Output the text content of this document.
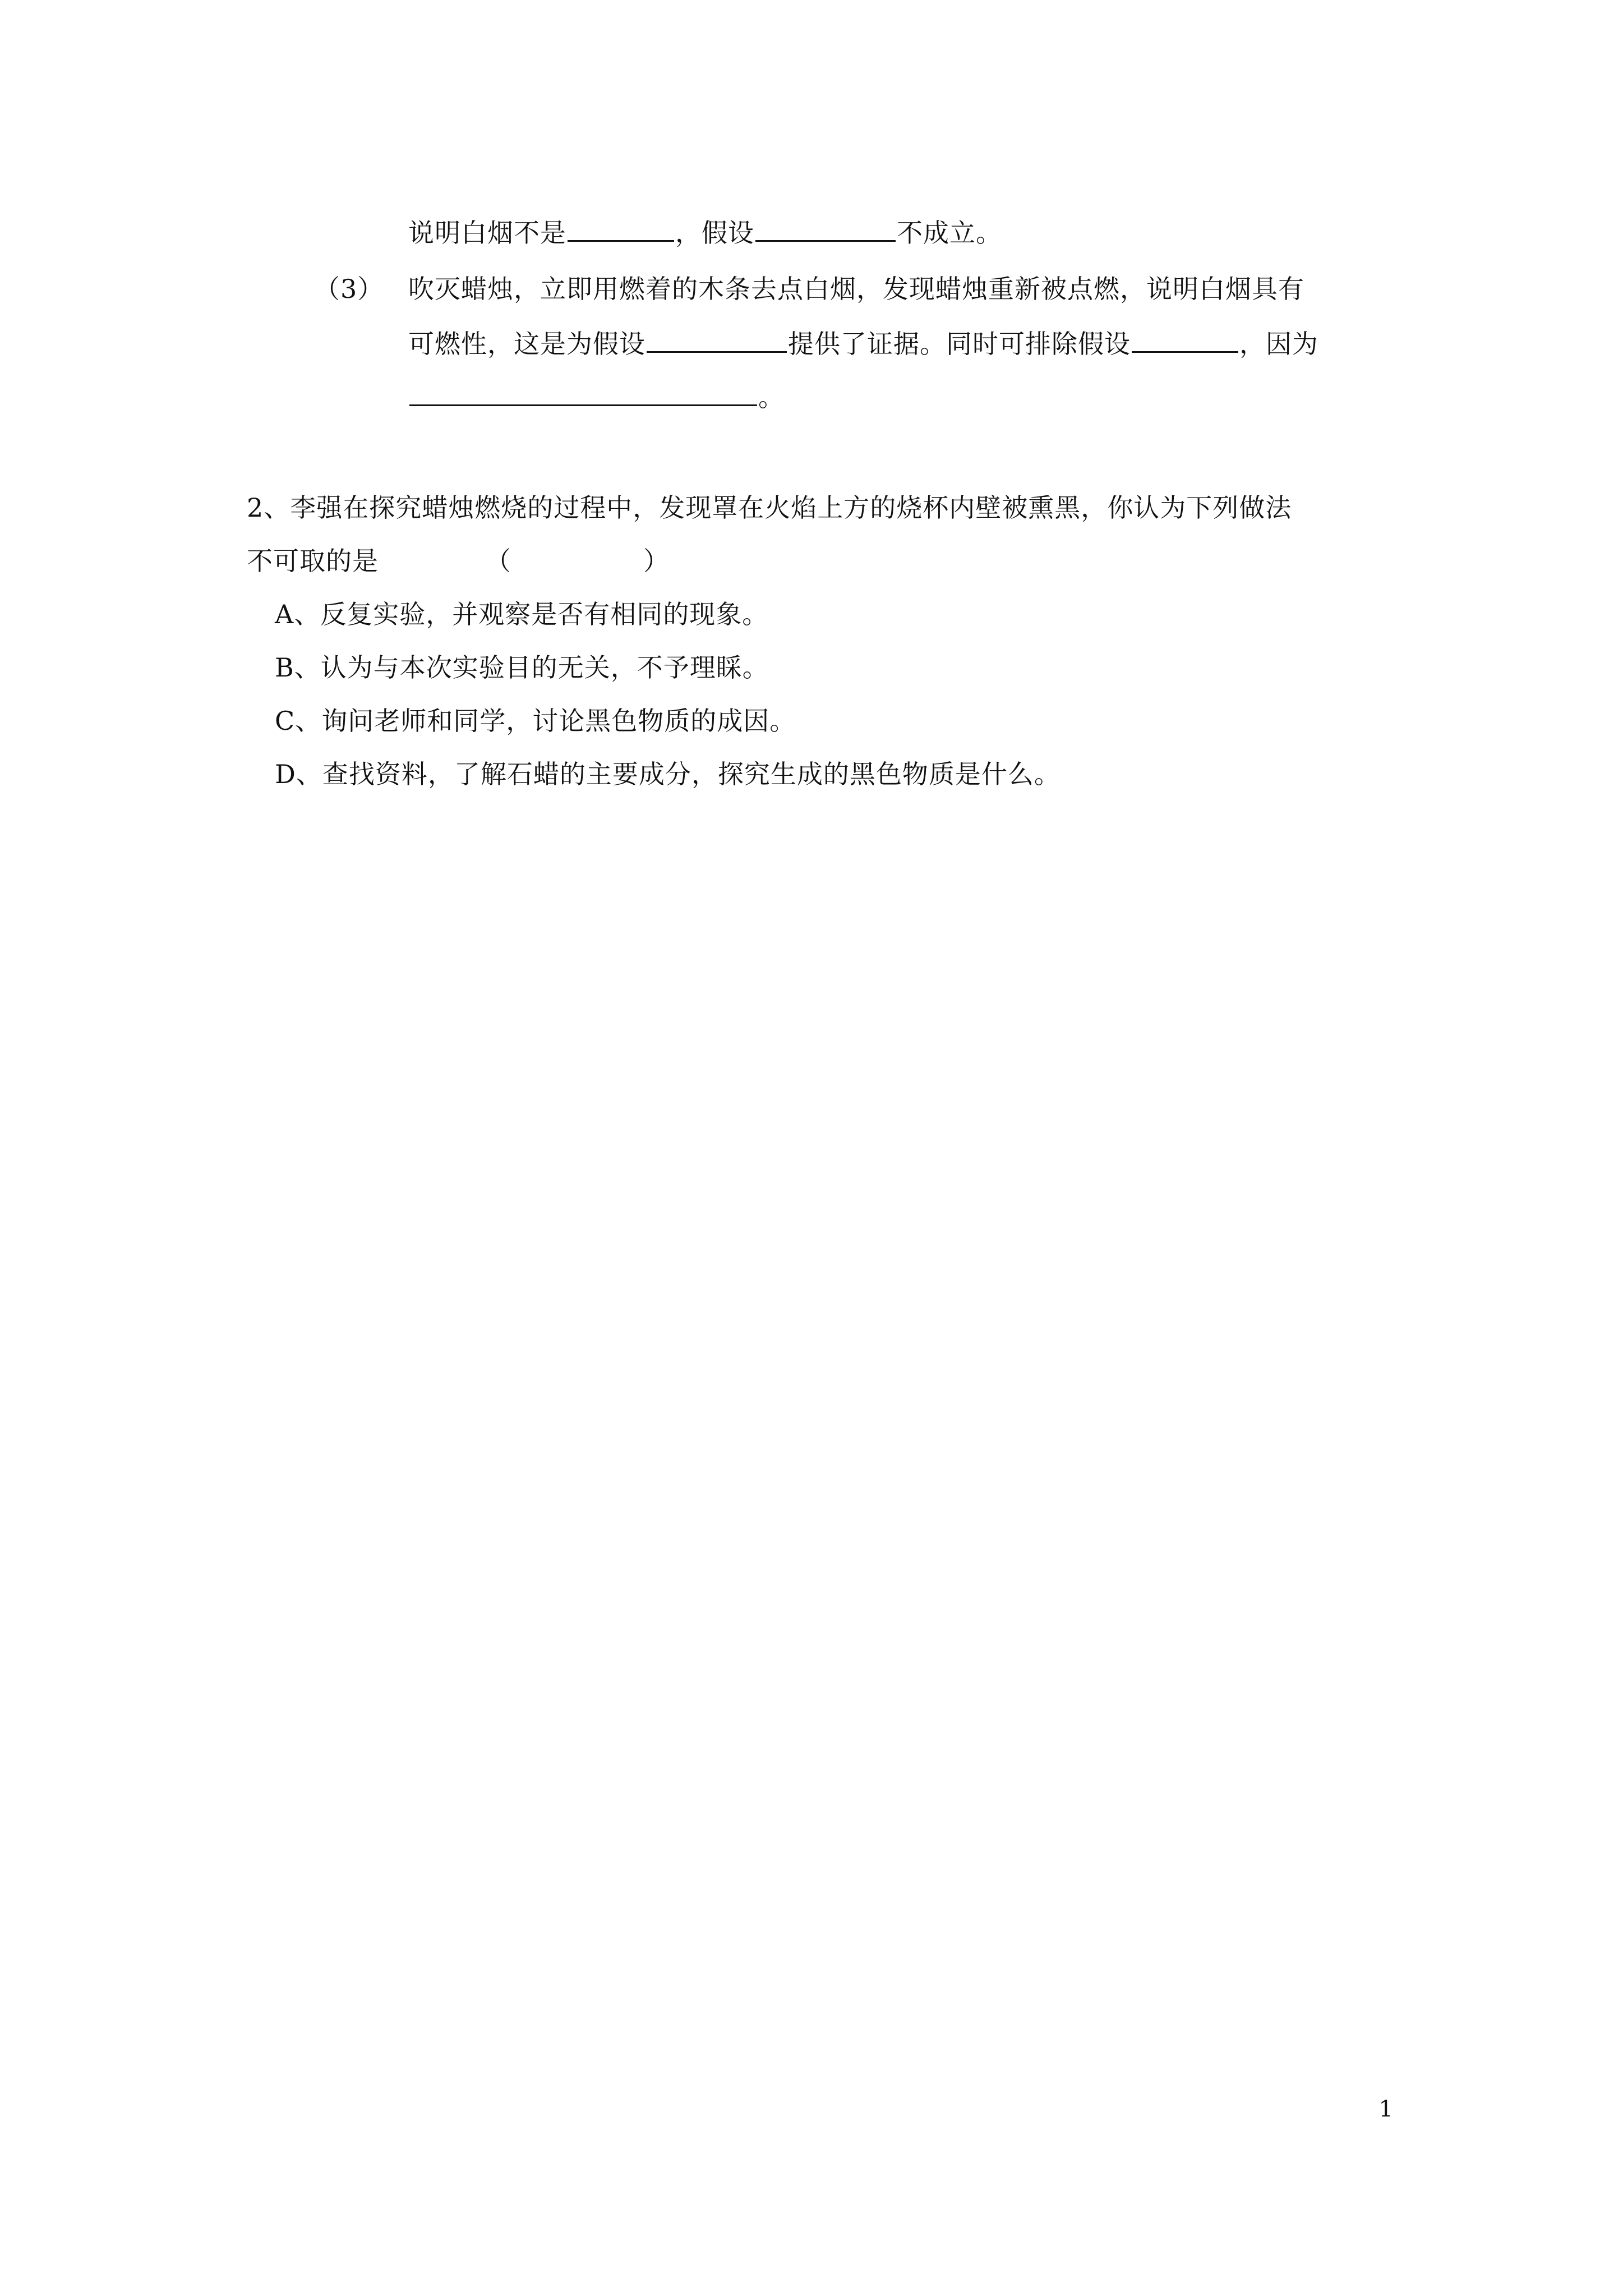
说明白烟不是	，假设	不成立。
（3） 吹灭蜡烛，立即用燃着的木条去点白烟，发现蜡烛重新被点燃，说明白烟具有
可燃性，这是为假设	提供了证据。同时可排除假设	，因为
。
2、李强在探究蜡烛燃烧的过程中，发现罩在火焰上方的烧杯内壁被熏黑，你认为下列做法
不可取的是	（　　　　　）
A、反复实验，并观察是否有相同的现象。
B、认为与本次实验目的无关，不予理睬。
C、询问老师和同学，讨论黑色物质的成因。
D、查找资料，了解石蜡的主要成分，探究生成的黑色物质是什么。
1
